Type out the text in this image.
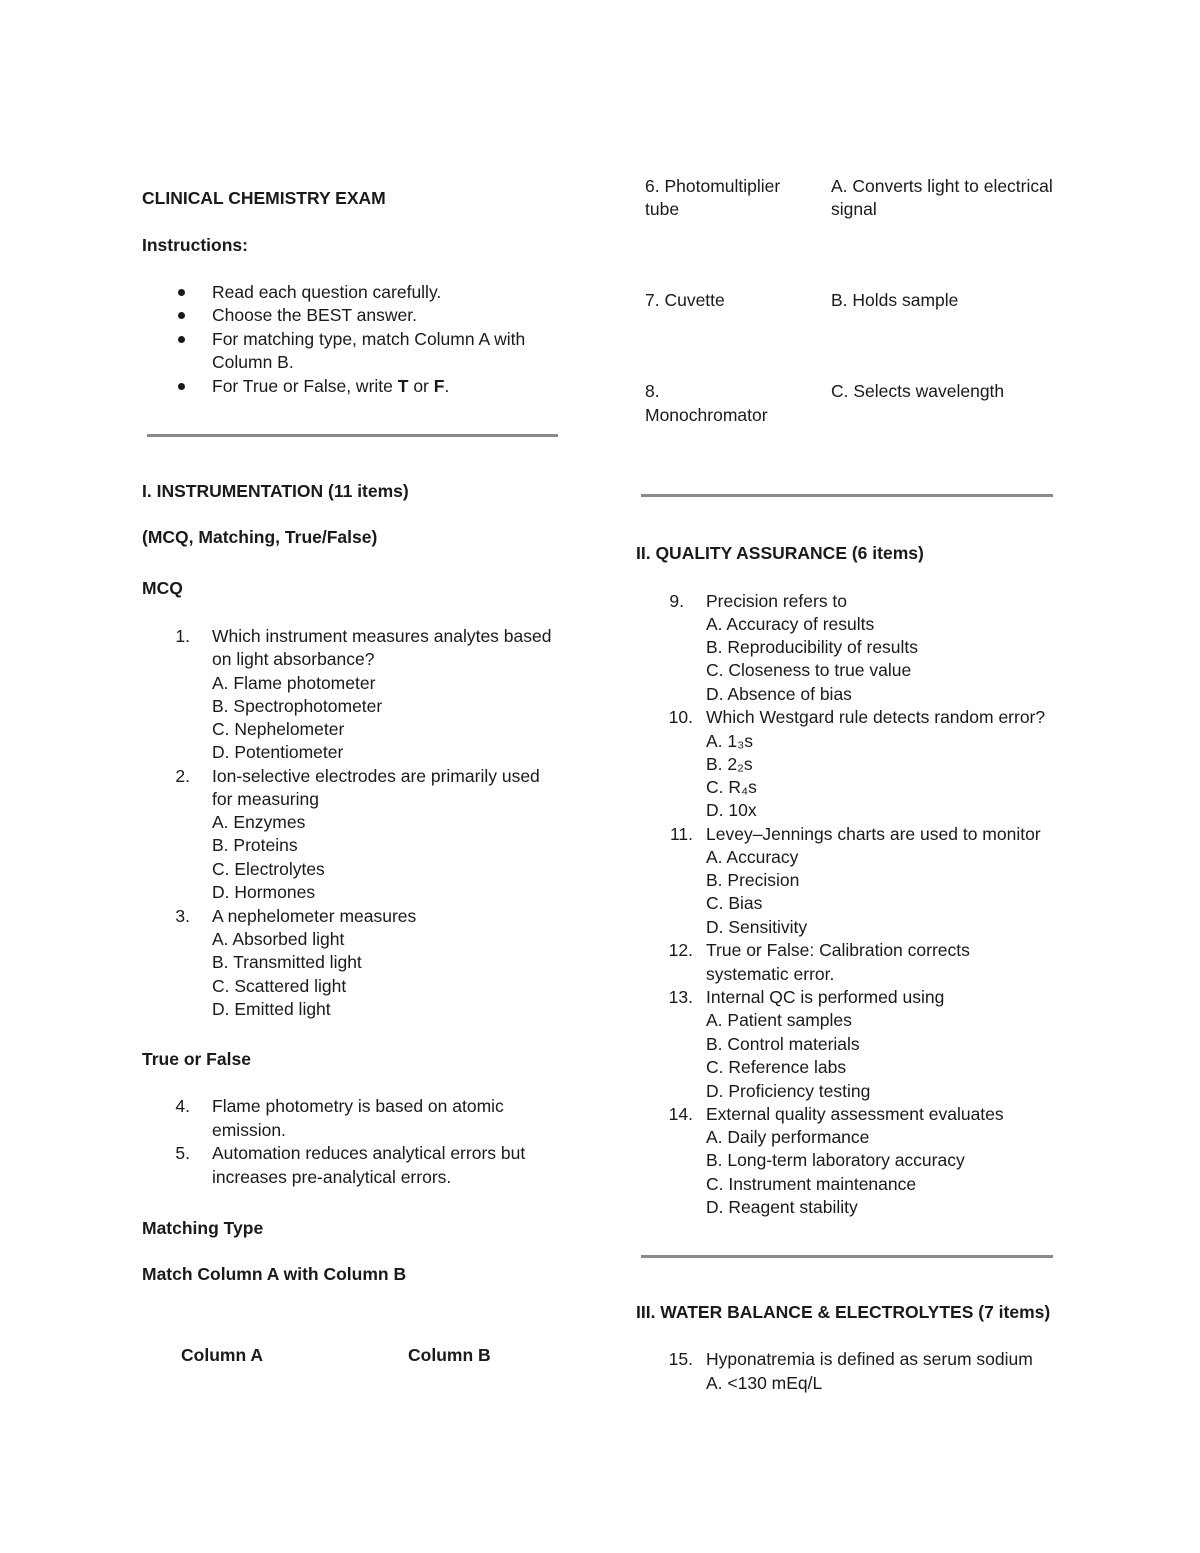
CLINICAL CHEMISTRY EXAM
Instructions:
Read each question carefully.
Choose the BEST answer.
For matching type, match Column A with
Column B.
For True or False, write T or F.
I. INSTRUMENTATION (11 items)
(MCQ, Matching, True/False)
MCQ
1. Which instrument measures analytes based
on light absorbance?
A. Flame photometer
B. Spectrophotometer
C. Nephelometer
D. Potentiometer
2. Ion-selective electrodes are primarily used
for measuring
A. Enzymes
B. Proteins
C. Electrolytes
D. Hormones
3. A nephelometer measures
A. Absorbed light
B. Transmitted light
C. Scattered light
D. Emitted light
True or False
4. Flame photometry is based on atomic
emission.
5. Automation reduces analytical errors but
increases pre-analytical errors.
Matching Type
Match Column A with Column B
Column A	Column B
6. Photomultiplier
tube
A. Converts light to electrical
signal
7. Cuvette	B. Holds sample
8.
Monochromator
C. Selects wavelength
II. QUALITY ASSURANCE (6 items)
9. Precision refers to
A. Accuracy of results
B. Reproducibility of results
C. Closeness to true value
D. Absence of bias
10. Which Westgard rule detects random error?
A. 1₃s
B. 2₂s
C. R₄s
D. 10x
11. Levey–Jennings charts are used to monitor
A. Accuracy
B. Precision
C. Bias
D. Sensitivity
12. True or False: Calibration corrects
systematic error.
13. Internal QC is performed using
A. Patient samples
B. Control materials
C. Reference labs
D. Proficiency testing
14. External quality assessment evaluates
A. Daily performance
B. Long-term laboratory accuracy
C. Instrument maintenance
D. Reagent stability
III. WATER BALANCE & ELECTROLYTES (7 items)
15. Hyponatremia is defined as serum sodium
A. <130 mEq/L
